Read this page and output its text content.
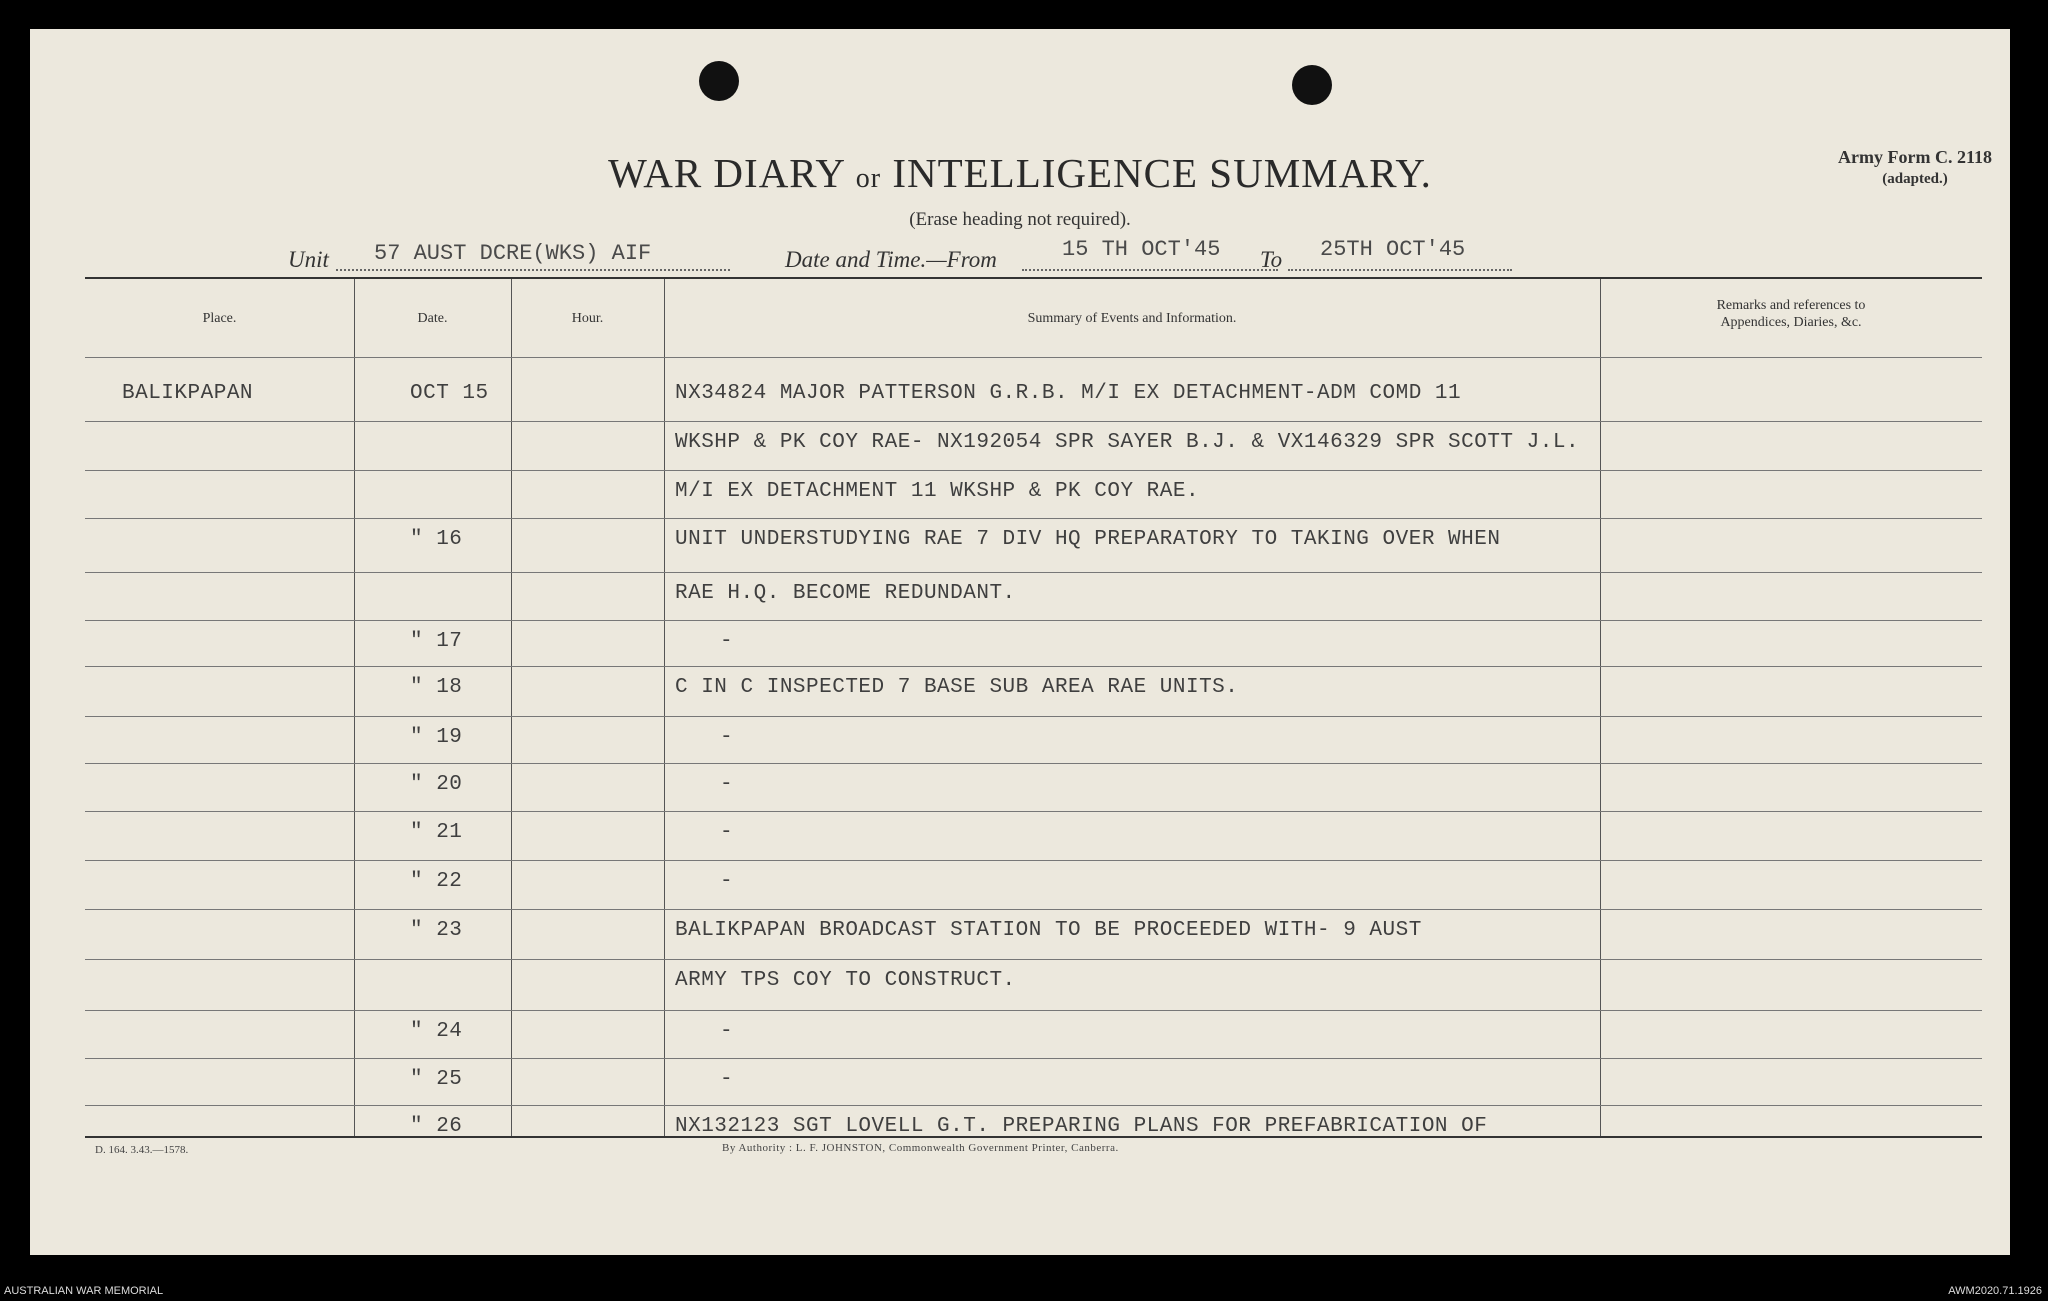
WAR DIARY or INTELLIGENCE SUMMARY.
(Erase heading not required).
Army Form C. 2118
(adapted.)
Unit 57 AUST DCRE(WKS) AIF	Date and Time.—From	15 TH OCT'45 To 25TH OCT'45
Place.	Date.	Hour.	Summary of Events and Information.
Remarks and references to
Appendices, Diaries, &c.
BALIKPAPAN	OCT 15	NX34824 MAJOR PATTERSON G.R.B. M/I EX DETACHMENT-ADM COMD 11
WKSHP & PK COY RAE- NX192054 SPR SAYER B.J. & VX146329 SPR SCOTT J.L.
M/I EX DETACHMENT 11 WKSHP & PK COY RAE.
" 16	UNIT UNDERSTUDYING RAE 7 DIV HQ PREPARATORY TO TAKING OVER WHEN
RAE H.Q. BECOME REDUNDANT.
" 17	-
" 18	C IN C INSPECTED 7 BASE SUB AREA RAE UNITS.
" 19	-
" 20	-
" 21	-
" 22	-
" 23	BALIKPAPAN BROADCAST STATION TO BE PROCEEDED WITH- 9 AUST
ARMY TPS COY TO CONSTRUCT.
" 24	-
" 25	-
" 26	NX132123 SGT LOVELL G.T. PREPARING PLANS FOR PREFABRICATION OF
D. 164. 3.43.—1578.	By Authority : L. F. JOHNSTON, Commonwealth Government Printer, Canberra.
AUSTRALIAN WAR MEMORIAL	AWM2020.71.1926
